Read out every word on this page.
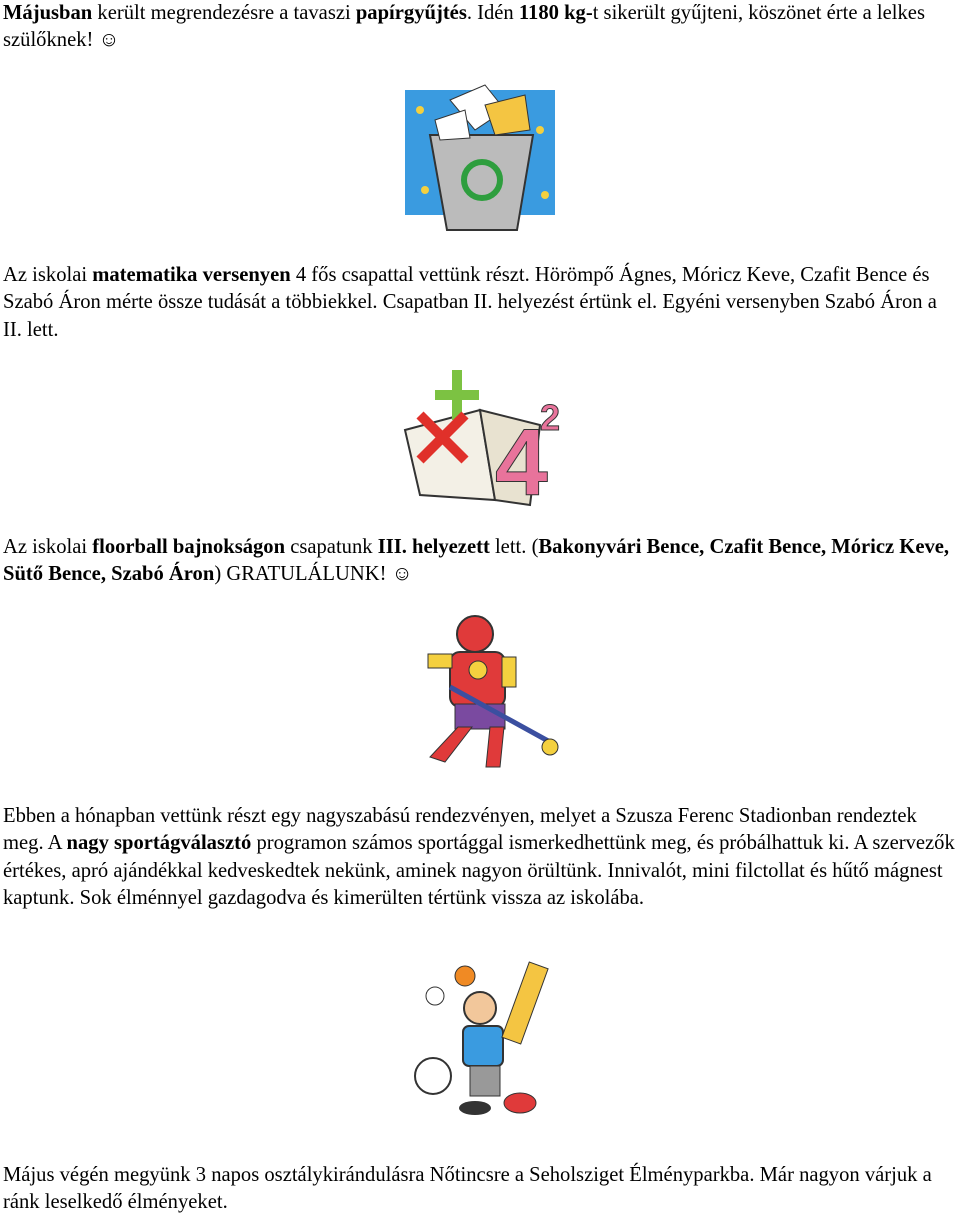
Májusban került megrendezésre a tavaszi papírgyűjtés. Idén 1180 kg-t sikerült gyűjteni, köszönet érte a lelkes szülőknek! ☺

Az iskolai matematika versenyen 4 fős csapattal vettünk részt. Hörömpő Ágnes, Móricz Keve, Czafit Bence és Szabó Áron mérte össze tudását a többiekkel. Csapatban II. helyezést értünk el. Egyéni versenyben Szabó Áron a II. lett.

4
2

Az iskolai floorball bajnokságon csapatunk III. helyezett lett. (Bakonyvári Bence, Czafit Bence, Móricz Keve, Sütő Bence, Szabó Áron) GRATULÁLUNK! ☺

Ebben a hónapban vettünk részt egy nagyszabású rendezvényen, melyet a Szusza Ferenc Stadionban rendeztek meg. A nagy sportágválasztó programon számos sportággal ismerkedhettünk meg, és próbálhattuk ki. A szervezők értékes, apró ajándékkal kedveskedtek nekünk, aminek nagyon örültünk. Innivalót, mini filctollat és hűtő mágnest kaptunk. Sok élménnyel gazdagodva és kimerülten tértünk vissza az iskolába.

Május végén megyünk 3 napos osztálykirándulásra Nőtincsre a Seholsziget Élményparkba. Már nagyon várjuk a ránk leselkedő élményeket.
